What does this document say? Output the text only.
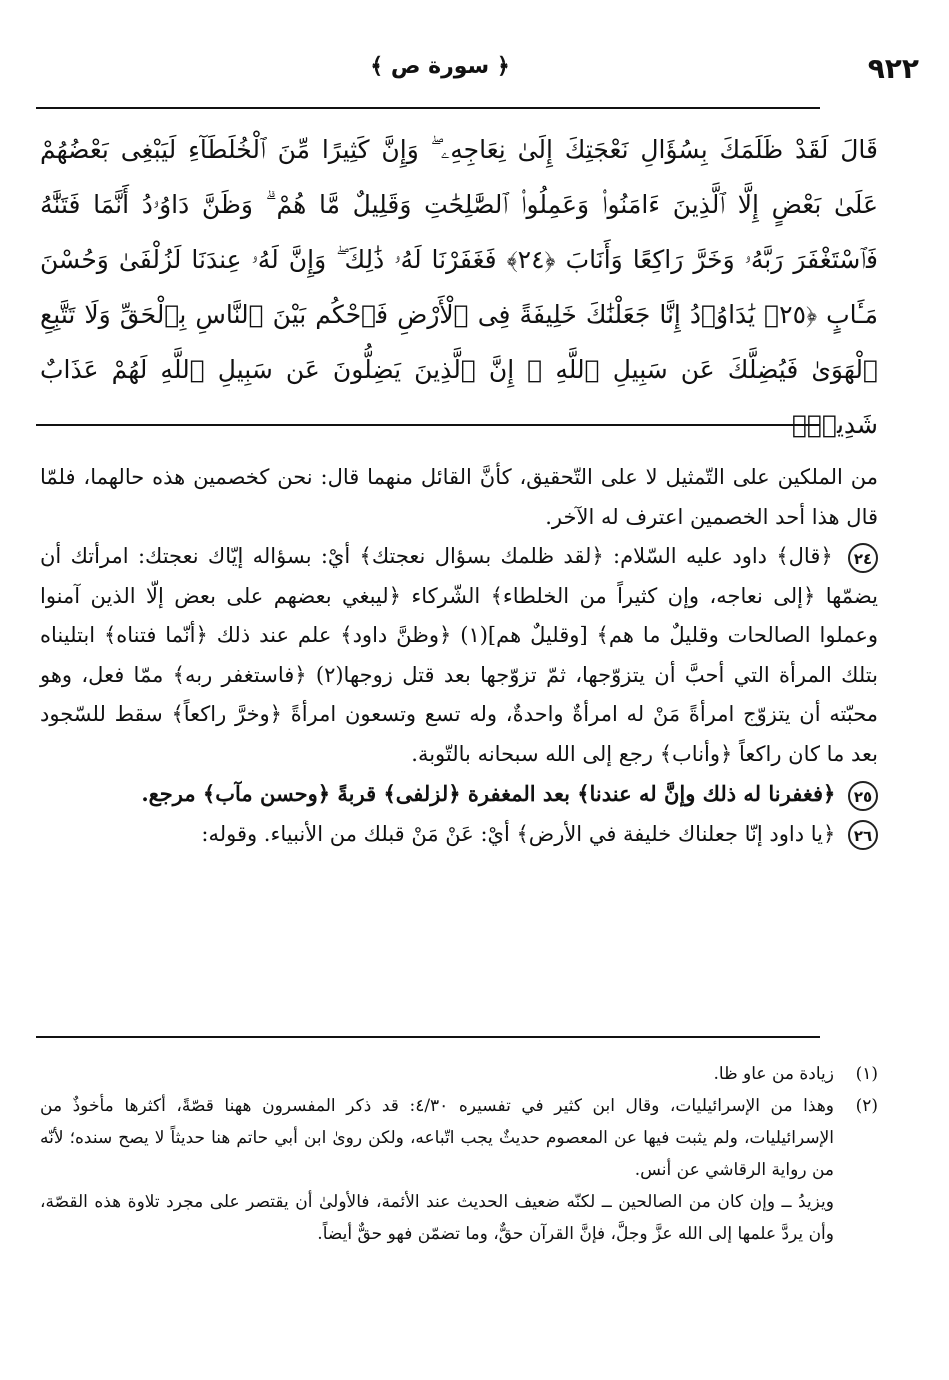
٩٢٢
﴿ سورة ص ﴾
قَالَ لَقَدْ ظَلَمَكَ بِسُؤَالِ نَعْجَتِكَ إِلَىٰ نِعَاجِهِۦ ۖ وَإِنَّ كَثِيرًا مِّنَ ٱلْخُلَطَآءِ لَيَبْغِى بَعْضُهُمْ عَلَىٰ بَعْضٍ إِلَّا ٱلَّذِينَ ءَامَنُوا۟ وَعَمِلُوا۟ ٱلصَّٰلِحَٰتِ وَقَلِيلٌ مَّا هُمْ ۗ وَظَنَّ دَاوُۥدُ أَنَّمَا فَتَنَّٰهُ فَٱسْتَغْفَرَ رَبَّهُۥ وَخَرَّ رَاكِعًا وَأَنَابَ ﴿٢٤﴾ فَغَفَرْنَا لَهُۥ ذَٰلِكَ ۖ وَإِنَّ لَهُۥ عِندَنَا لَزُلْفَىٰ وَحُسْنَ مَـَٔابٍ ﴿٢٥﴾ يَٰدَاوُۥدُ إِنَّا جَعَلْنَٰكَ خَلِيفَةً فِى ٱلْأَرْضِ فَٱحْكُم بَيْنَ ٱلنَّاسِ بِٱلْحَقِّ وَلَا تَتَّبِعِ ٱلْهَوَىٰ فَيُضِلَّكَ عَن سَبِيلِ ٱللَّهِ ۚ إِنَّ ٱلَّذِينَ يَضِلُّونَ عَن سَبِيلِ ٱللَّهِ لَهُمْ عَذَابٌ شَدِيدٌۢ

من الملكين على التّمثيل لا على التّحقيق، كأنَّ القائل منهما قال: نحن كخصمين هذه حالهما، فلمّا قال هذا أحد الخصمين اعترف له الآخر.

٢٤ ﴿قال﴾ داود عليه السّلام: ﴿لقد ظلمك بسؤال نعجتك﴾ أيْ: بسؤاله إيّاك نعجتك: امرأتك أن يضمّها ﴿إلى نعاجه، وإن كثيراً من الخلطاء﴾ الشّركاء ﴿ليبغي بعضهم على بعض إلّا الذين آمنوا وعملوا الصالحات وقليلٌ ما هم﴾ [وقليلٌ هم](١) ﴿وظنَّ داود﴾ علم عند ذلك ﴿أنّما فتناه﴾ ابتليناه بتلك المرأة التي أحبَّ أن يتزوّجها، ثمّ تزوّجها بعد قتل زوجها(٢) ﴿فاستغفر ربه﴾ ممّا فعل، وهو محبّته أن يتزوّج امرأةً مَنْ له امرأةٌ واحدةٌ، وله تسع وتسعون امرأةً ﴿وخرَّ راكعاً﴾ سقط للسّجود بعد ما كان راكعاً ﴿وأناب﴾ رجع إلى الله سبحانه بالتّوبة.

٢٥ ﴿فغفرنا له ذلك وإنَّ له عندنا﴾ بعد المغفرة ﴿لزلفى﴾ قربةً ﴿وحسن مآب﴾ مرجع.

٢٦ ﴿يا داود إنّا جعلناك خليفة في الأرض﴾ أيْ: عَنْ مَنْ قبلك من الأنبياء. وقوله:

(١)
زيادة من عاو ظا.

(٢)
وهذا من الإسرائيليات، وقال ابن كثير في تفسيره ٤/٣٠: قد ذكر المفسرون ههنا قصّةً، أكثرها مأخوذٌ من الإسرائيليات، ولم يثبت فيها عن المعصوم حديثٌ يجب اتّباعه، ولكن روىٰ ابن أبي حاتم هنا حديثاً لا يصح سنده؛ لأنّه من رواية الرقاشي عن أنس.

ويزيدُ ــ وإن كان من الصالحين ــ لكنّه ضعيف الحديث عند الأئمة، فالأولىٰ أن يقتصر على مجرد تلاوة هذه القصّة، وأن يردَّ علمها إلى الله عزَّ وجلَّ، فإنَّ القرآن حقٌّ، وما تضمّن فهو حقٌّ أيضاً.
